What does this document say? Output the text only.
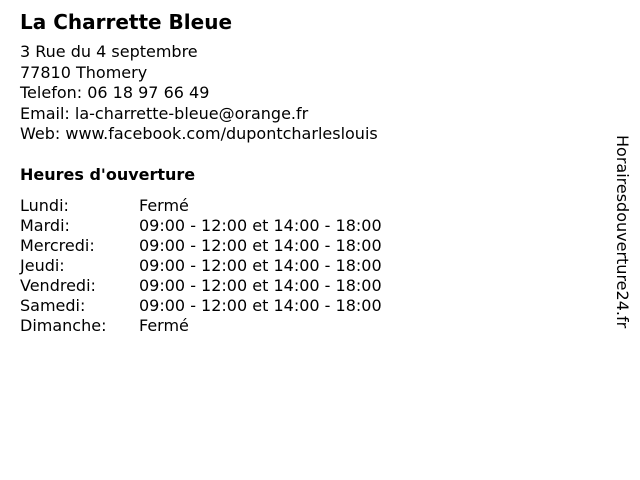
La Charrette Bleue
3 Rue du 4 septembre
77810 Thomery
Telefon: 06 18 97 66 49
Email: la-charrette-bleue@orange.fr
Web: www.facebook.com/dupontcharleslouis
Heures d'ouverture
Lundi:	Fermé
Mardi:	09:00 - 12:00 et 14:00 - 18:00
Mercredi:	09:00 - 12:00 et 14:00 - 18:00
Jeudi:	09:00 - 12:00 et 14:00 - 18:00
Vendredi:	09:00 - 12:00 et 14:00 - 18:00
Samedi:	09:00 - 12:00 et 14:00 - 18:00
Dimanche:	Fermé	Horairesdouverture24.fr
